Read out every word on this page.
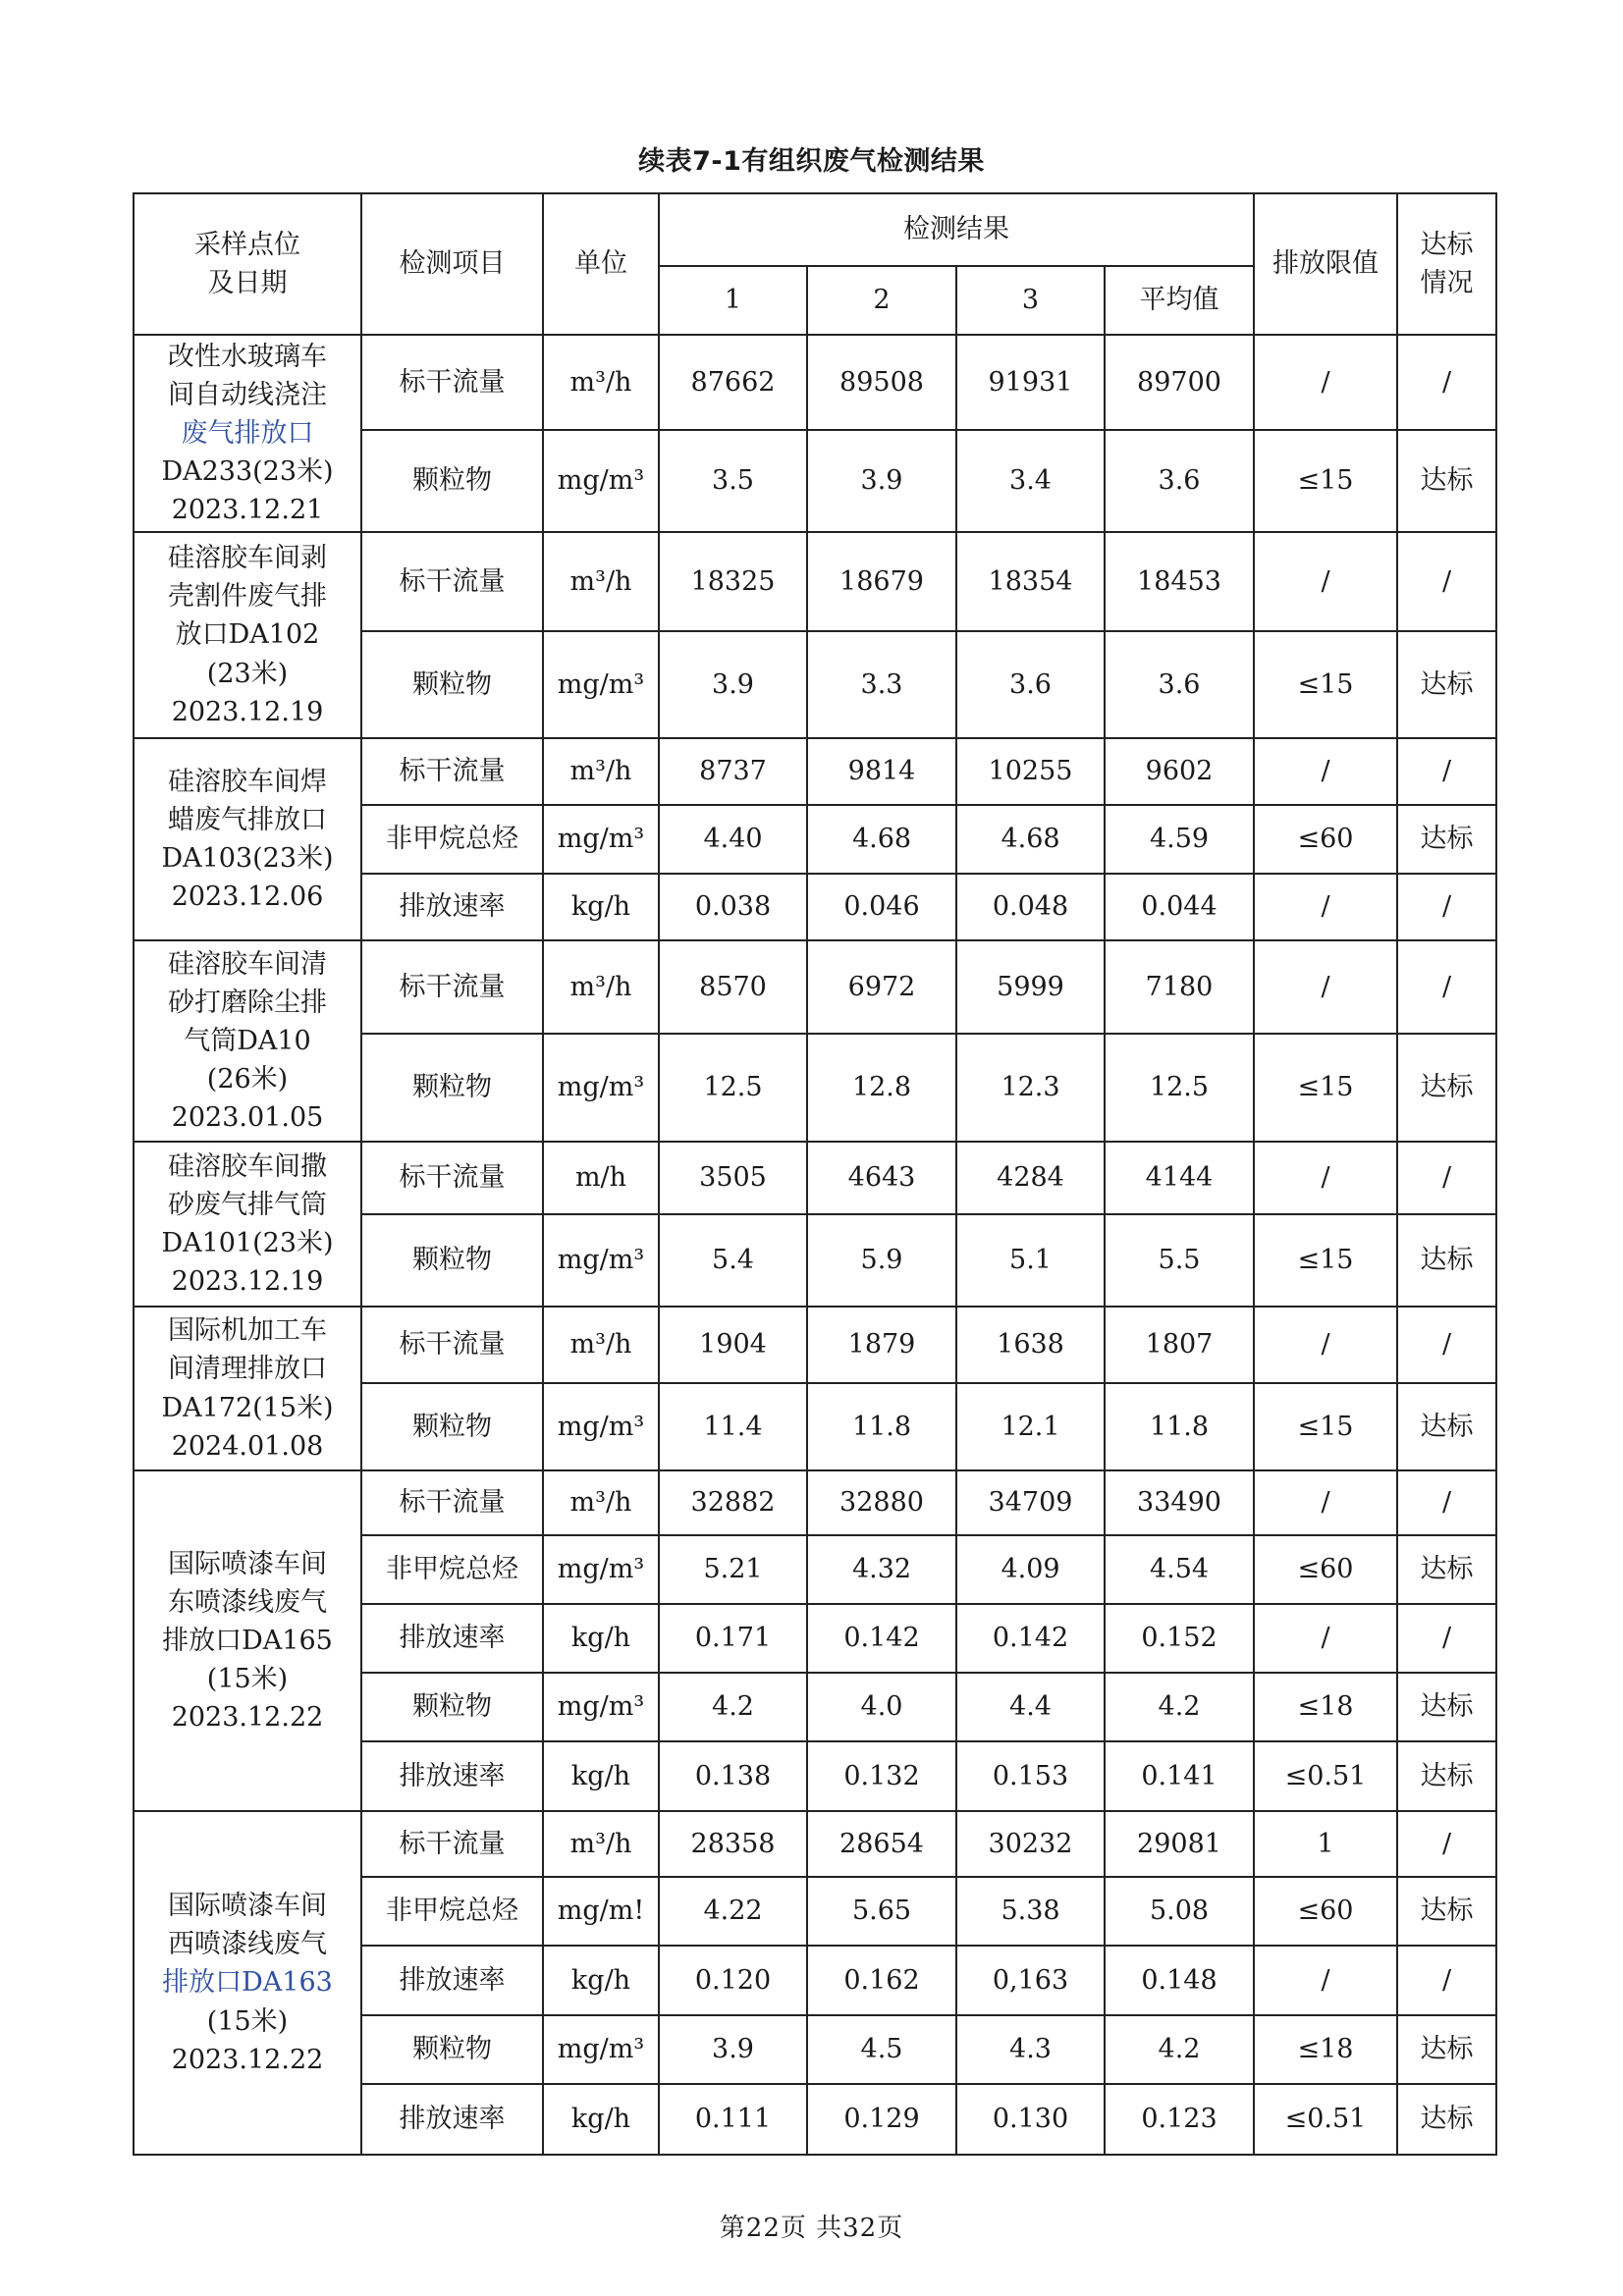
续表7-1有组织废气检测结果
采样点位
及日期	检测项目	单位	检测结果				排放限值	达标
情况

			1	2	3	平均值		

改性水玻璃车
间自动线浇注
废气排放口
DA233(23米)
2023.12.21	标干流量	m³/h	87662	89508	91931	89700	/	/
	颗粒物	mg/m³	3.5	3.9	3.4	3.6	≤15	达标

硅溶胶车间剥
壳割件废气排
放口DA102
(23米)
2023.12.19	标干流量	m³/h	18325	18679	18354	18453	/	/
	颗粒物	mg/m³	3.9	3.3	3.6	3.6	≤15	达标

硅溶胶车间焊
蜡废气排放口
DA103(23米)
2023.12.06	标干流量	m³/h	8737	9814	10255	9602	/	/
	非甲烷总烃	mg/m³	4.40	4.68	4.68	4.59	≤60	达标
	排放速率	kg/h	0.038	0.046	0.048	0.044	/	/

硅溶胶车间清
砂打磨除尘排
气筒DA10
(26米)
2023.01.05	标干流量	m³/h	8570	6972	5999	7180	/	/
	颗粒物	mg/m³	12.5	12.8	12.3	12.5	≤15	达标

硅溶胶车间撒
砂废气排气筒
DA101(23米)
2023.12.19	标干流量	m/h	3505	4643	4284	4144	/	/
	颗粒物	mg/m³	5.4	5.9	5.1	5.5	≤15	达标

国际机加工车
间清理排放口
DA172(15米)
2024.01.08	标干流量	m³/h	1904	1879	1638	1807	/	/
	颗粒物	mg/m³	11.4	11.8	12.1	11.8	≤15	达标

国际喷漆车间
东喷漆线废气
排放口DA165
(15米)
2023.12.22	标干流量	m³/h	32882	32880	34709	33490	/	/
	非甲烷总烃	mg/m³	5.21	4.32	4.09	4.54	≤60	达标
	排放速率	kg/h	0.171	0.142	0.142	0.152	/	/
	颗粒物	mg/m³	4.2	4.0	4.4	4.2	≤18	达标
	排放速率	kg/h	0.138	0.132	0.153	0.141	≤0.51	达标

国际喷漆车间
西喷漆线废气
排放口DA163
(15米)
2023.12.22	标干流量	m³/h	28358	28654	30232	29081	1	/
	非甲烷总烃	mg/m!	4.22	5.65	5.38	5.08	≤60	达标
	排放速率	kg/h	0.120	0.162	0,163	0.148	/	/
	颗粒物	mg/m³	3.9	4.5	4.3	4.2	≤18	达标
	排放速率	kg/h	0.111	0.129	0.130	0.123	≤0.51	达标
第22页 共32页
